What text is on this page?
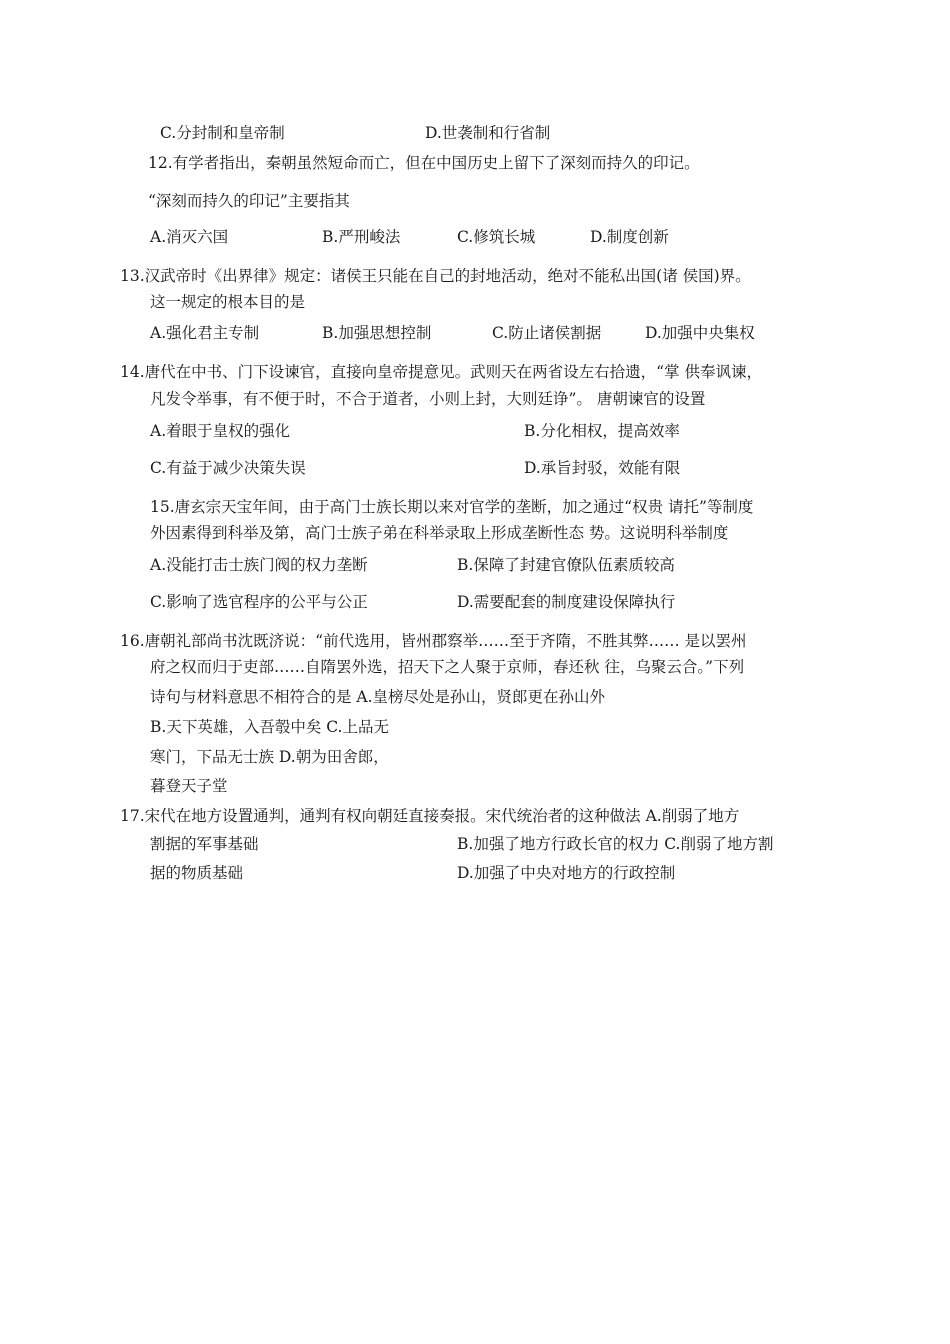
C.分封制和皇帝制	D.世袭制和行省制
12.有学者指出，秦朝虽然短命而亡，但在中国历史上留下了深刻而持久的印记。
“深刻而持久的印记”主要指其
A.消灭六国	B.严刑峻法	C.修筑长城	D.制度创新
13.汉武帝时《出界律》规定：诸侯王只能在自己的封地活动，绝对不能私出国(诸 侯国)界。
这一规定的根本目的是
A.强化君主专制	B.加强思想控制	C.防止诸侯割据	D.加强中央集权
14.唐代在中书、门下设谏官，直接向皇帝提意见。武则天在两省设左右拾遗，“掌 供奉讽谏，
凡发令举事，有不便于时，不合于道者，小则上封，大则廷诤”。 唐朝谏官的设置
A.着眼于皇权的强化	B.分化相权，提高效率
C.有益于减少决策失误	D.承旨封驳，效能有限
15.唐玄宗天宝年间，由于高门士族长期以来对官学的垄断，加之通过“权贵 请托”等制度
外因素得到科举及第，高门士族子弟在科举录取上形成垄断性态 势。这说明科举制度
A.没能打击士族门阀的权力垄断	B.保障了封建官僚队伍素质较高
C.影响了选官程序的公平与公正	D.需要配套的制度建设保障执行
16.唐朝礼部尚书沈既济说：“前代选用，皆州郡察举……至于齐隋，不胜其弊…… 是以罢州
府之权而归于吏部……自隋罢外选，招天下之人聚于京师，春还秋 往，乌聚云合。”下列
诗句与材料意思不相符合的是 A.皇榜尽处是孙山，贤郎更在孙山外
B.天下英雄，入吾彀中矣 C.上品无
寒门，下品无士族 D.朝为田舍郎，
暮登天子堂
17.宋代在地方设置通判，通判有权向朝廷直接奏报。宋代统治者的这种做法 A.削弱了地方
割据的军事基础	B.加强了地方行政长官的权力 C.削弱了地方割
据的物质基础	D.加强了中央对地方的行政控制
